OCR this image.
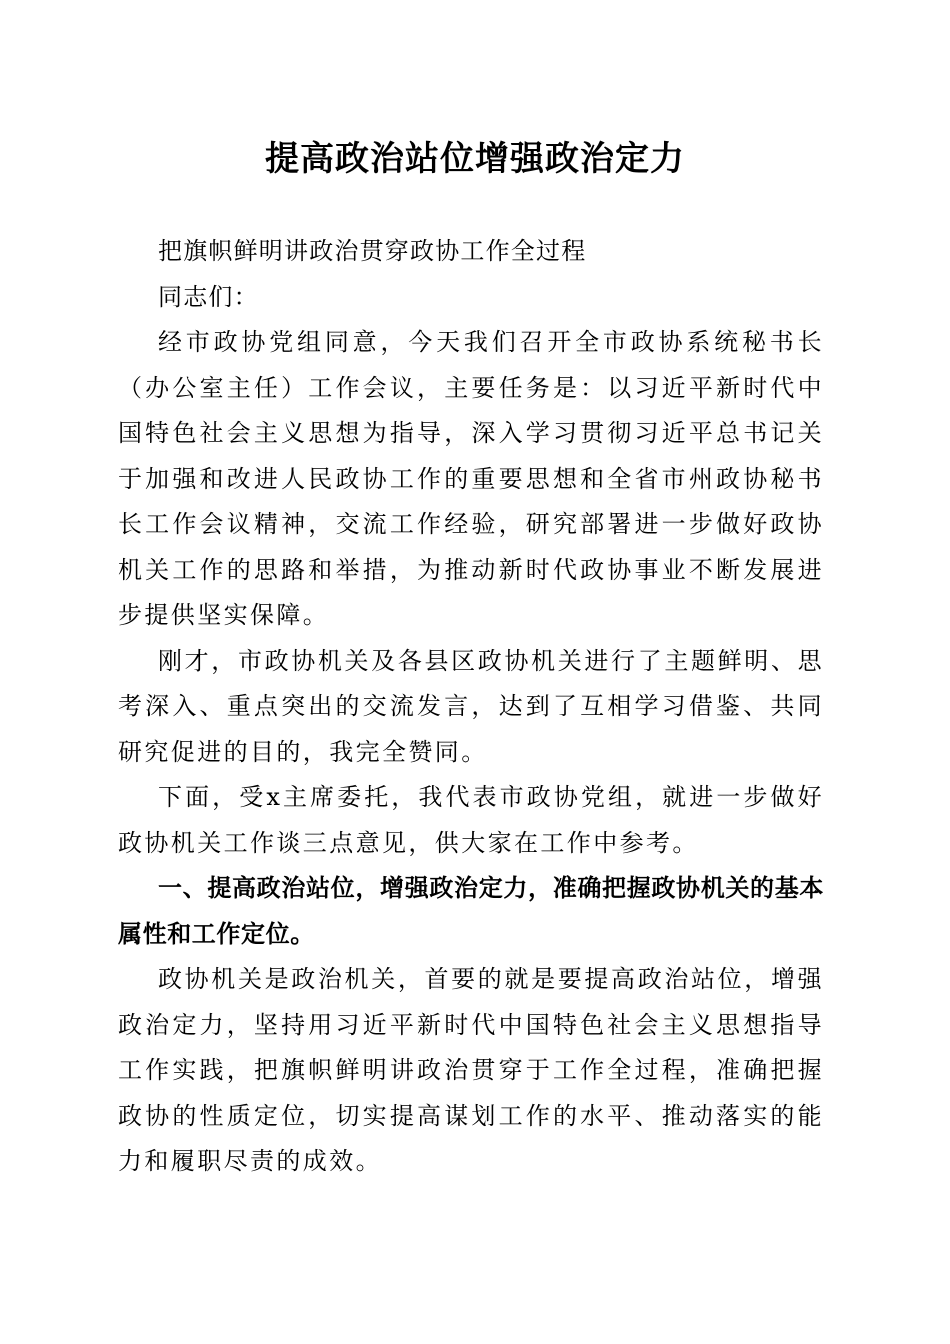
提高政治站位增强政治定力

把旗帜鲜明讲政治贯穿政协工作全过程

同志们：

经市政协党组同意，今天我们召开全市政协系统秘书长（办公室主任）工作会议，主要任务是：以习近平新时代中国特色社会主义思想为指导，深入学习贯彻习近平总书记关于加强和改进人民政协工作的重要思想和全省市州政协秘书长工作会议精神，交流工作经验，研究部署进一步做好政协机关工作的思路和举措，为推动新时代政协事业不断发展进步提供坚实保障。

刚才，市政协机关及各县区政协机关进行了主题鲜明、思考深入、重点突出的交流发言，达到了互相学习借鉴、共同研究促进的目的，我完全赞同。

下面，受x主席委托，我代表市政协党组，就进一步做好政协机关工作谈三点意见，供大家在工作中参考。

一、提高政治站位，增强政治定力，准确把握政协机关的基本属性和工作定位。

政协机关是政治机关，首要的就是要提高政治站位，增强政治定力，坚持用习近平新时代中国特色社会主义思想指导工作实践，把旗帜鲜明讲政治贯穿于工作全过程，准确把握政协的性质定位，切实提高谋划工作的水平、推动落实的能力和履职尽责的成效。
